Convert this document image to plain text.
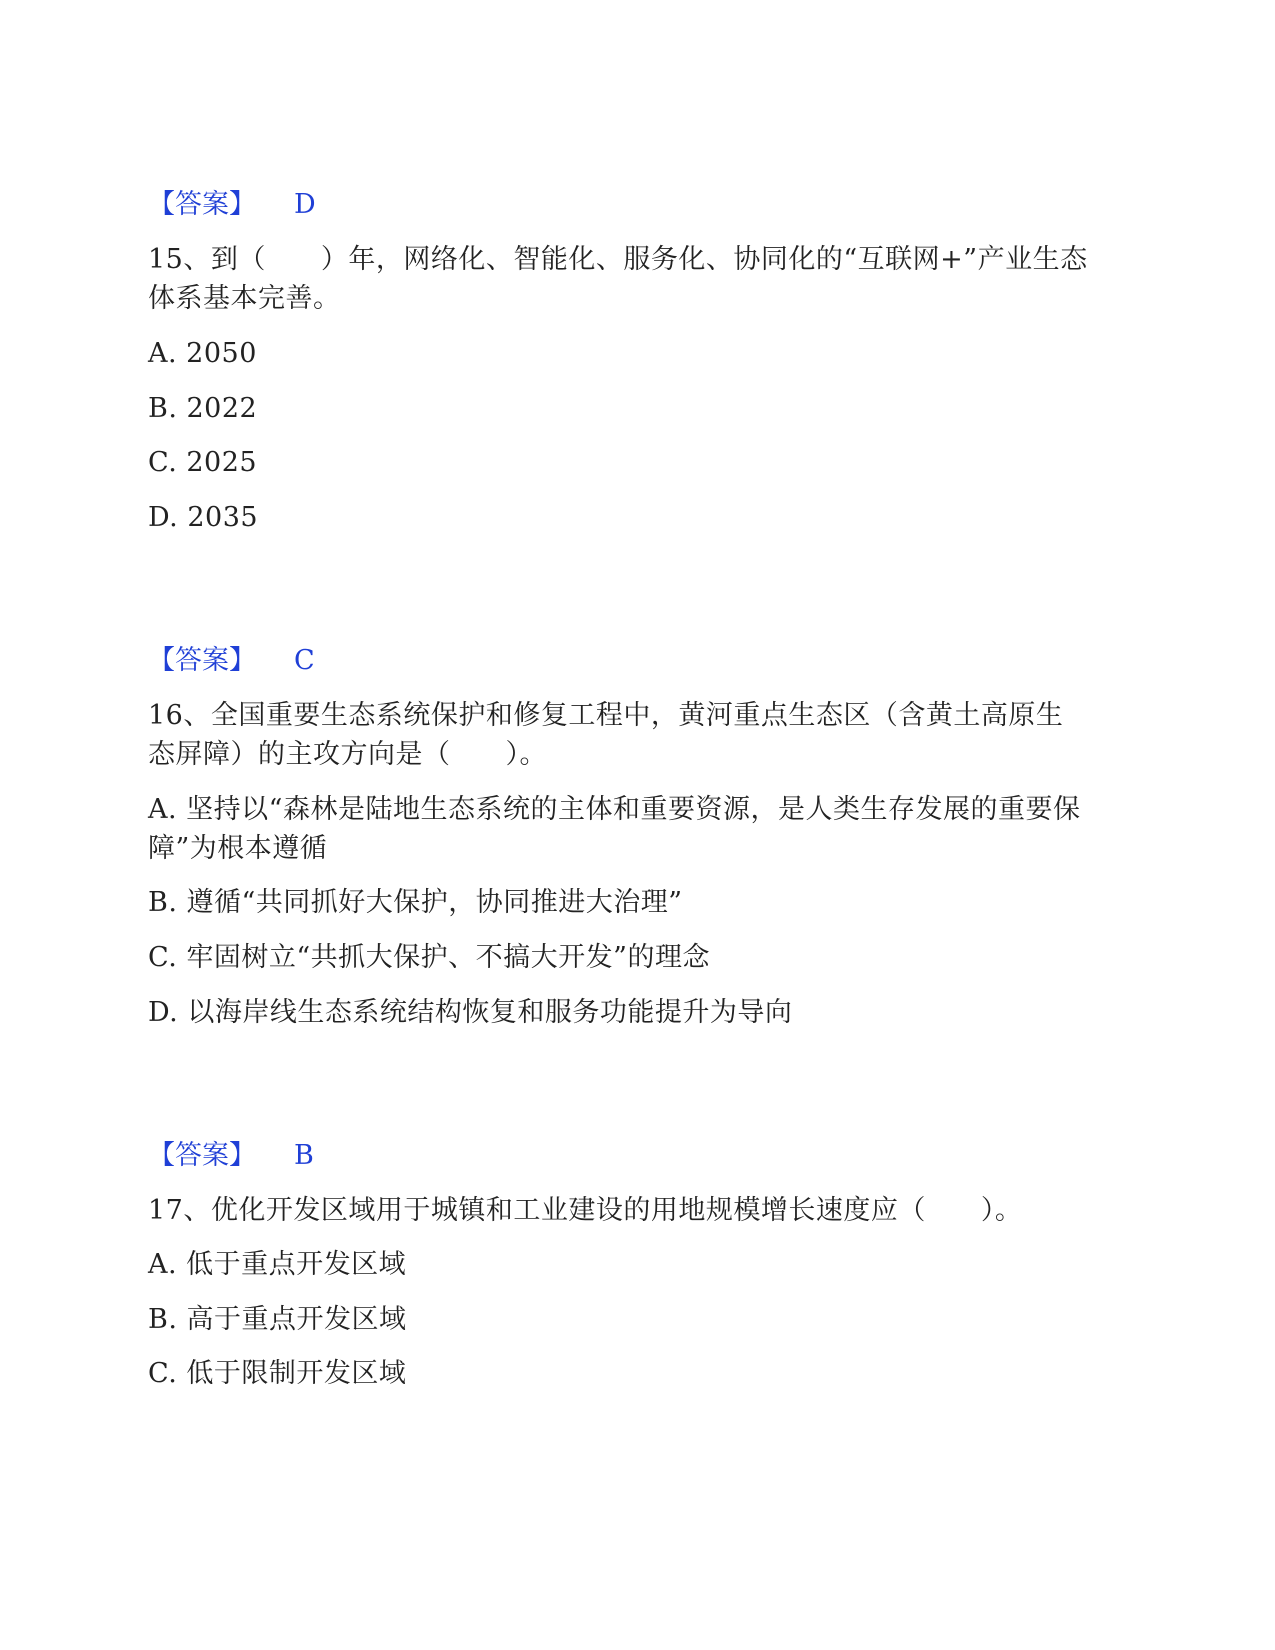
【答案】 D
15、到（　　）年，网络化、智能化、服务化、协同化的“互联网+”产业生态
体系基本完善。
A. 2050
B. 2022
C. 2025
D. 2035
【答案】 C
16、全国重要生态系统保护和修复工程中，黄河重点生态区（含黄土高原生
态屏障）的主攻方向是（　　）。
A. 坚持以“森林是陆地生态系统的主体和重要资源，是人类生存发展的重要保
障”为根本遵循
B. 遵循“共同抓好大保护，协同推进大治理”
C. 牢固树立“共抓大保护、不搞大开发”的理念
D. 以海岸线生态系统结构恢复和服务功能提升为导向
【答案】 B
17、优化开发区域用于城镇和工业建设的用地规模增长速度应（　　）。
A. 低于重点开发区域
B. 高于重点开发区域
C. 低于限制开发区域
